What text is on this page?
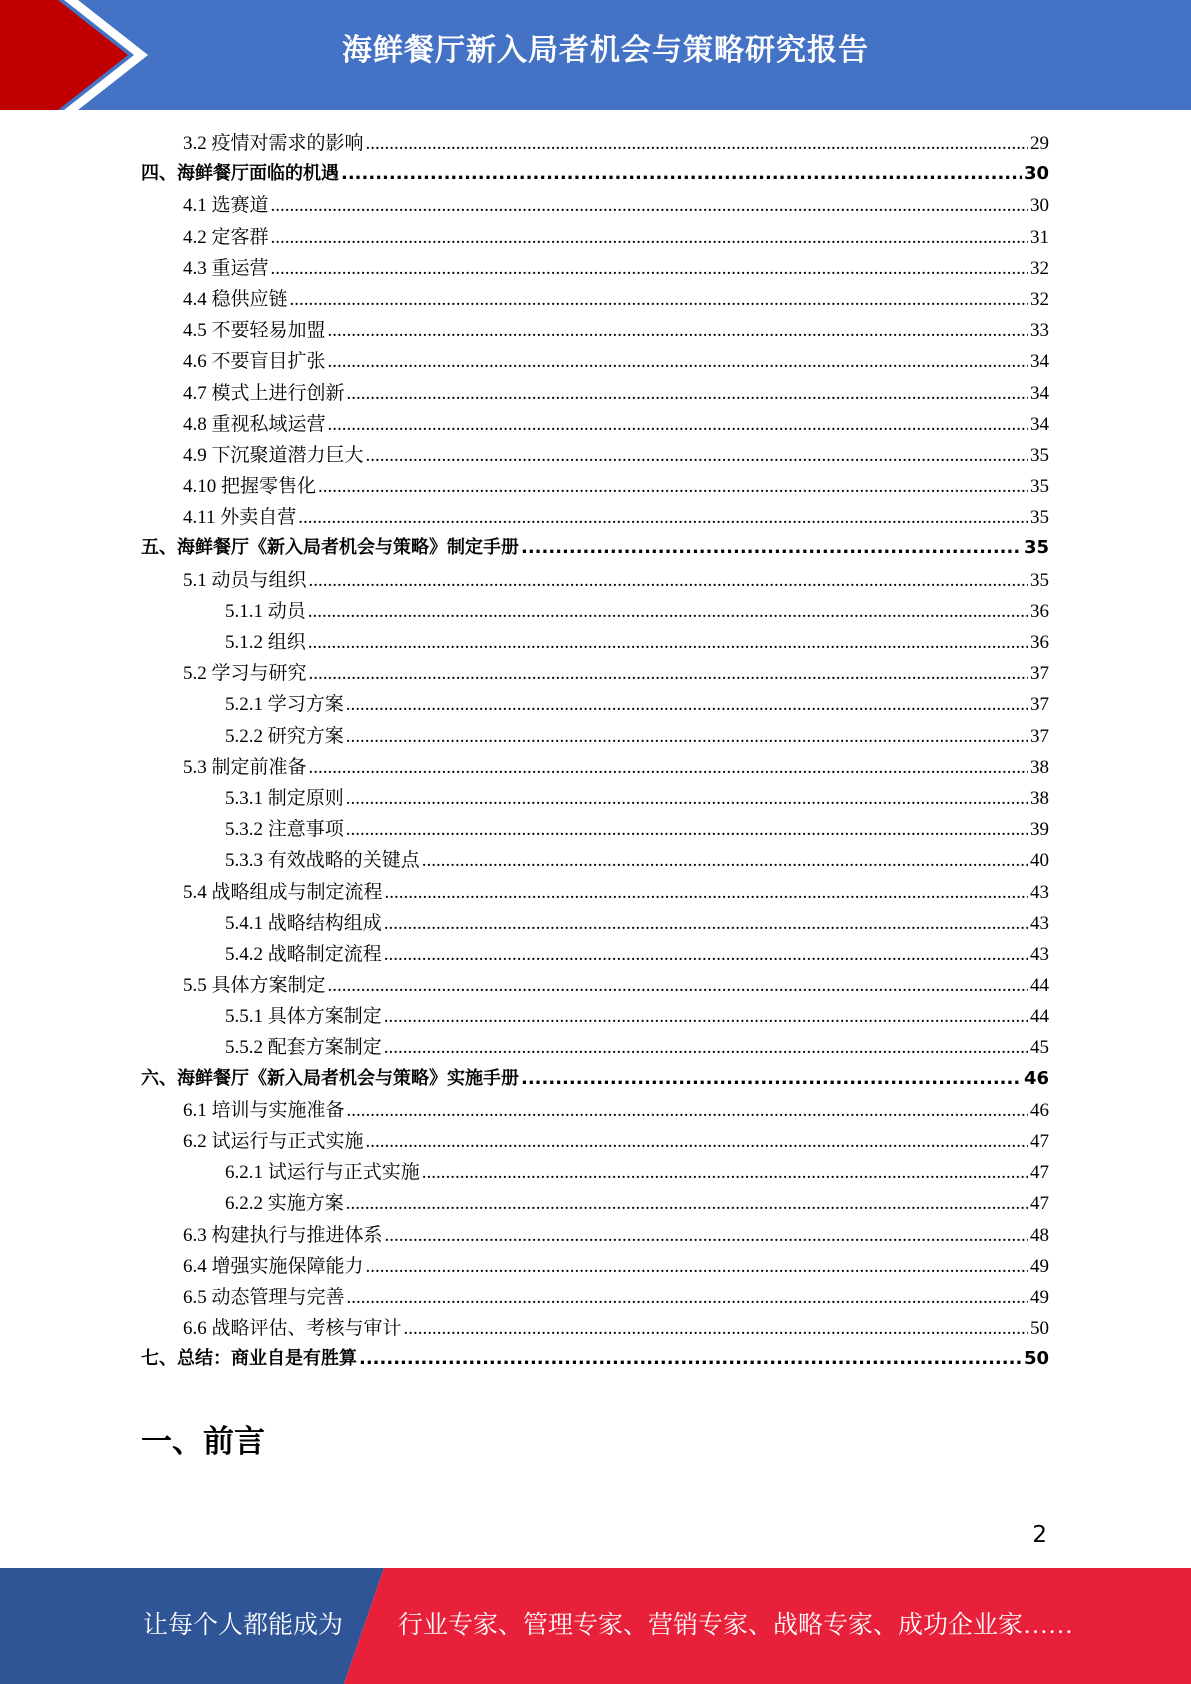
海鲜餐厅新入局者机会与策略研究报告
3.2 疫情对需求的影响 .....	29
四、海鲜餐厅面临的机遇 .....	30
4.1 选赛道 .....	30
4.2 定客群 .....	31
4.3 重运营 .....	32
4.4 稳供应链 .....	32
4.5 不要轻易加盟 .....	33
4.6 不要盲目扩张 .....	34
4.7 模式上进行创新 .....	34
4.8 重视私域运营 .....	34
4.9 下沉聚道潜力巨大 .....	35
4.10 把握零售化 .....	35
4.11 外卖自营 .....	35
五、海鲜餐厅《新入局者机会与策略》制定手册 .....	35
5.1 动员与组织 .....	35
5.1.1 动员 .....	36
5.1.2 组织 .....	36
5.2 学习与研究 .....	37
5.2.1 学习方案 .....	37
5.2.2 研究方案 .....	37
5.3 制定前准备 .....	38
5.3.1 制定原则 .....	38
5.3.2 注意事项 .....	39
5.3.3 有效战略的关键点 .....	40
5.4 战略组成与制定流程 .....	43
5.4.1 战略结构组成 .....	43
5.4.2 战略制定流程 .....	43
5.5 具体方案制定 .....	44
5.5.1 具体方案制定 .....	44
5.5.2 配套方案制定 .....	45
六、海鲜餐厅《新入局者机会与策略》实施手册 .....	46
6.1 培训与实施准备 .....	46
6.2 试运行与正式实施 .....	47
6.2.1 试运行与正式实施 .....	47
6.2.2 实施方案 .....	47
6.3 构建执行与推进体系 .....	48
6.4 增强实施保障能力 .....	49
6.5 动态管理与完善 .....	49
6.6 战略评估、考核与审计 .....	50
七、总结：商业自是有胜算 .....	50
一、前言
2
让每个人都能成为 行业专家、管理专家、营销专家、战略专家、成功企业家……
